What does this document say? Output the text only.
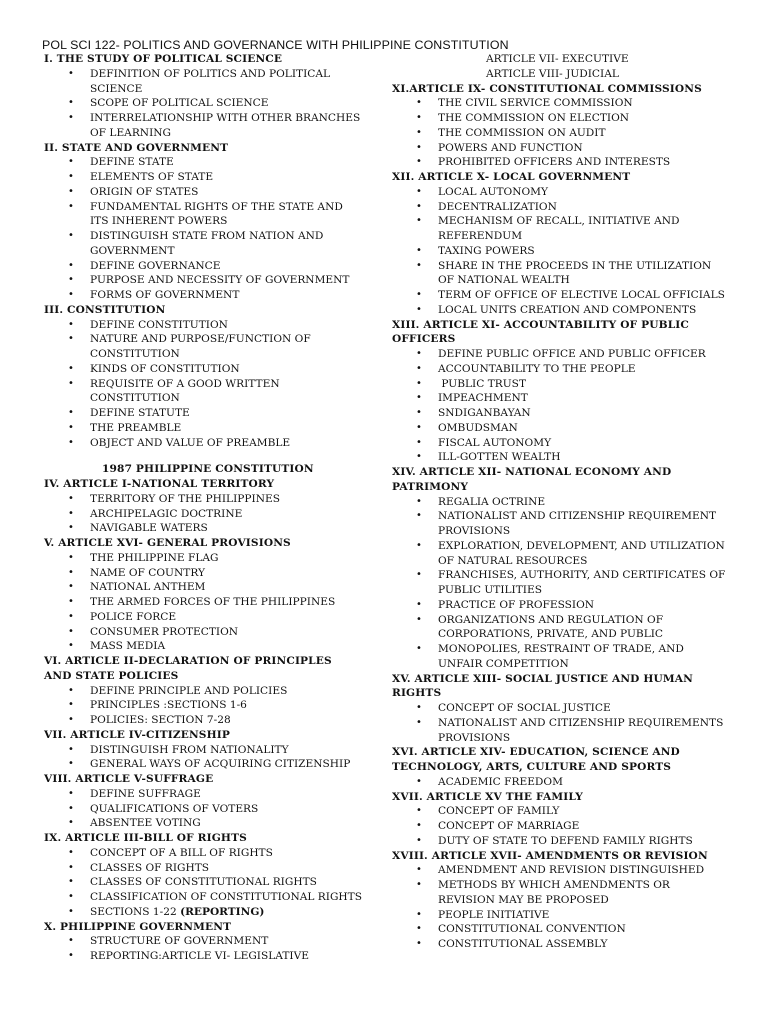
POL SCI 122- POLITICS AND GOVERNANCE WITH PHILIPPINE CONSTITUTION
I. THE STUDY OF POLITICAL SCIENCE
• DEFINITION OF POLITICS AND POLITICAL SCIENCE
• SCOPE OF POLITICAL SCIENCE
• INTERRELATIONSHIP WITH OTHER BRANCHES OF LEARNING
II. STATE AND GOVERNMENT
• DEFINE STATE
• ELEMENTS OF STATE
• ORIGIN OF STATES
• FUNDAMENTAL RIGHTS OF THE STATE AND ITS INHERENT POWERS
• DISTINGUISH STATE FROM NATION AND GOVERNMENT
• DEFINE GOVERNANCE
• PURPOSE AND NECESSITY OF GOVERNMENT
• FORMS OF GOVERNMENT
III. CONSTITUTION
• DEFINE CONSTITUTION
• NATURE AND PURPOSE/FUNCTION OF CONSTITUTION
• KINDS OF CONSTITUTION
• REQUISITE OF A GOOD WRITTEN CONSTITUTION
• DEFINE STATUTE
• THE PREAMBLE
• OBJECT AND VALUE OF PREAMBLE
1987 PHILIPPINE CONSTITUTION
IV. ARTICLE I-NATIONAL TERRITORY
• TERRITORY OF THE PHILIPPINES
• ARCHIPELAGIC DOCTRINE
• NAVIGABLE WATERS
V. ARTICLE XVI- GENERAL PROVISIONS
• THE PHILIPPINE FLAG
• NAME OF COUNTRY
• NATIONAL ANTHEM
• THE ARMED FORCES OF THE PHILIPPINES
• POLICE FORCE
• CONSUMER PROTECTION
• MASS MEDIA
VI. ARTICLE II-DECLARATION OF PRINCIPLES AND STATE POLICIES
• DEFINE PRINCIPLE AND POLICIES
• PRINCIPLES :SECTIONS 1-6
• POLICIES: SECTION 7-28
VII. ARTICLE IV-CITIZENSHIP
• DISTINGUISH FROM NATIONALITY
• GENERAL WAYS OF ACQUIRING CITIZENSHIP
VIII. ARTICLE V-SUFFRAGE
• DEFINE SUFFRAGE
• QUALIFICATIONS OF VOTERS
• ABSENTEE VOTING
IX. ARTICLE III-BILL OF RIGHTS
• CONCEPT OF A BILL OF RIGHTS
• CLASSES OF RIGHTS
• CLASSES OF CONSTITUTIONAL RIGHTS
• CLASSIFICATION OF CONSTITUTIONAL RIGHTS
• SECTIONS 1-22 (REPORTING)
X. PHILIPPINE GOVERNMENT
• STRUCTURE OF GOVERNMENT
• REPORTING:ARTICLE VI- LEGISLATIVE
ARTICLE VII- EXECUTIVE
ARTICLE VIII- JUDICIAL
XI.ARTICLE IX- CONSTITUTIONAL COMMISSIONS
• THE CIVIL SERVICE COMMISSION
• THE COMMISSION ON ELECTION
• THE COMMISSION ON AUDIT
• POWERS AND FUNCTION
• PROHIBITED OFFICERS AND INTERESTS
XII. ARTICLE X- LOCAL GOVERNMENT
• LOCAL AUTONOMY
• DECENTRALIZATION
• MECHANISM OF RECALL, INITIATIVE AND REFERENDUM
• TAXING POWERS
• SHARE IN THE PROCEEDS IN THE UTILIZATION OF NATIONAL WEALTH
• TERM OF OFFICE OF ELECTIVE LOCAL OFFICIALS
• LOCAL UNITS CREATION AND COMPONENTS
XIII. ARTICLE XI- ACCOUNTABILITY OF PUBLIC OFFICERS
• DEFINE PUBLIC OFFICE AND PUBLIC OFFICER
• ACCOUNTABILITY TO THE PEOPLE
•  PUBLIC TRUST
• IMPEACHMENT
• SNDIGANBAYAN
• OMBUDSMAN
• FISCAL AUTONOMY
• ILL-GOTTEN WEALTH
XIV. ARTICLE XII- NATIONAL ECONOMY AND PATRIMONY
• REGALIA OCTRINE
• NATIONALIST AND CITIZENSHIP REQUIREMENT PROVISIONS
• EXPLORATION, DEVELOPMENT, AND UTILIZATION OF NATURAL RESOURCES
• FRANCHISES, AUTHORITY, AND CERTIFICATES OF PUBLIC UTILITIES
• PRACTICE OF PROFESSION
• ORGANIZATIONS AND REGULATION OF CORPORATIONS, PRIVATE, AND PUBLIC
• MONOPOLIES, RESTRAINT OF TRADE, AND UNFAIR COMPETITION
XV. ARTICLE XIII- SOCIAL JUSTICE AND HUMAN RIGHTS
• CONCEPT OF SOCIAL JUSTICE
• NATIONALIST AND CITIZENSHIP REQUIREMENTS PROVISIONS
XVI. ARTICLE XIV- EDUCATION, SCIENCE AND TECHNOLOGY, ARTS, CULTURE AND SPORTS
• ACADEMIC FREEDOM
XVII. ARTICLE XV THE FAMILY
• CONCEPT OF FAMILY
• CONCEPT OF MARRIAGE
• DUTY OF STATE TO DEFEND FAMILY RIGHTS
XVIII. ARTICLE XVII- AMENDMENTS OR REVISION
• AMENDMENT AND REVISION DISTINGUISHED
• METHODS BY WHICH AMENDMENTS OR REVISION MAY BE PROPOSED
• PEOPLE INITIATIVE
• CONSTITUTIONAL CONVENTION
• CONSTITUTIONAL ASSEMBLY
